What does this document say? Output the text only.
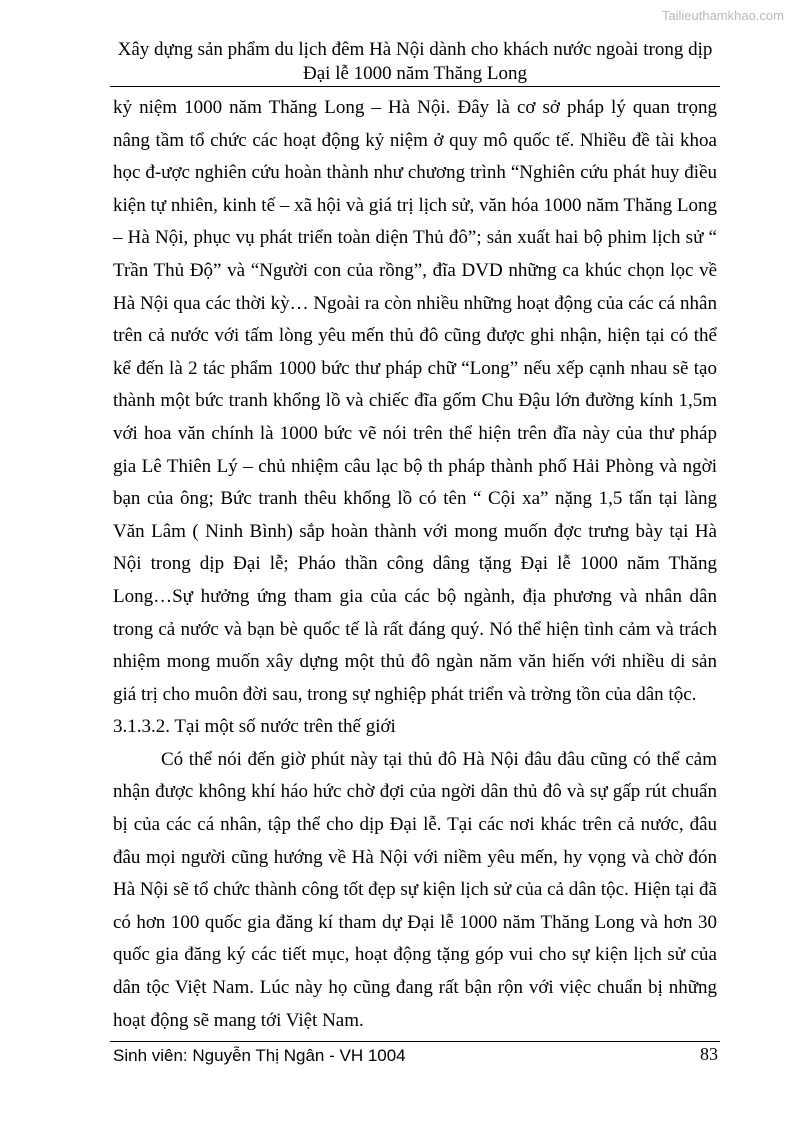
Tailieuthamkhao.com
Xây dựng sản phẩm du lịch đêm Hà Nội dành cho khách nước ngoài trong dịp
Đại lễ 1000 năm Thăng Long

kỷ niệm 1000 năm Thăng Long – Hà Nội. Đây là cơ sở pháp lý quan trọng nâng tầm tổ chức các hoạt động kỷ niệm ở quy mô quốc tế. Nhiều đề tài khoa học đ-ược nghiên cứu hoàn thành như chương trình “Nghiên cứu phát huy điều kiện tự nhiên, kinh tế – xã hội và giá trị lịch sử, văn hóa 1000 năm Thăng Long – Hà Nội, phục vụ phát triển toàn diện Thủ đô”; sản xuất hai bộ phim lịch sử “ Trần Thủ Độ” và “Người con của rồng”, đĩa DVD những ca khúc chọn lọc về Hà Nội qua các thời kỳ… Ngoài ra còn nhiều những hoạt động của các cá nhân trên cả nước với tấm lòng yêu mến thủ đô cũng được ghi nhận, hiện tại có thể kể đến là 2 tác phẩm 1000 bức thư pháp chữ “Long” nếu xếp cạnh nhau sẽ tạo thành một bức tranh khổng lồ và chiếc đĩa gốm Chu Đậu lớn đường kính 1,5m với hoa văn chính là 1000 bức vẽ nói trên thể hiện trên đĩa này của thư pháp gia Lê Thiên Lý – chủ nhiệm câu lạc bộ th pháp thành phố Hải Phòng và ngời bạn của ông; Bức tranh thêu khổng lồ có tên “ Cội xa” nặng 1,5 tấn tại làng Văn Lâm ( Ninh Bình) sắp hoàn thành với mong muốn đợc trưng bày tại Hà Nội trong dịp Đại lễ; Pháo thần công dâng tặng Đại lễ 1000 năm Thăng Long…Sự hưởng ứng tham gia của các bộ ngành, địa phương và nhân dân trong cả nước và bạn bè quốc tế là rất đáng quý. Nó thể hiện tình cảm và trách nhiệm mong muốn xây dựng một thủ đô ngàn năm văn hiến với nhiều di sản giá trị cho muôn đời sau, trong sự nghiệp phát triển và trờng tồn của dân tộc.

3.1.3.2. Tại một số nước trên thế giới

Có thể nói đến giờ phút này tại thủ đô Hà Nội đâu đâu cũng có thể cảm nhận được không khí háo hức chờ đợi của ngời dân thủ đô và sự gấp rút chuẩn bị của các cá nhân, tập thể cho dịp Đại lễ. Tại các nơi khác trên cả nước, đâu đâu mọi người cũng hướng về Hà Nội với niềm yêu mến, hy vọng và chờ đón Hà Nội sẽ tổ chức thành công tốt đẹp sự kiện lịch sử của cả dân tộc. Hiện tại đã có hơn 100 quốc gia đăng kí tham dự Đại lễ 1000 năm Thăng Long và hơn 30 quốc gia đăng ký các tiết mục, hoạt động tặng góp vui cho sự kiện lịch sử của dân tộc Việt Nam. Lúc này họ cũng đang rất bận rộn với việc chuẩn bị những hoạt động sẽ mang tới Việt Nam.

Sinh viên: Nguyễn Thị Ngân - VH 1004	83
